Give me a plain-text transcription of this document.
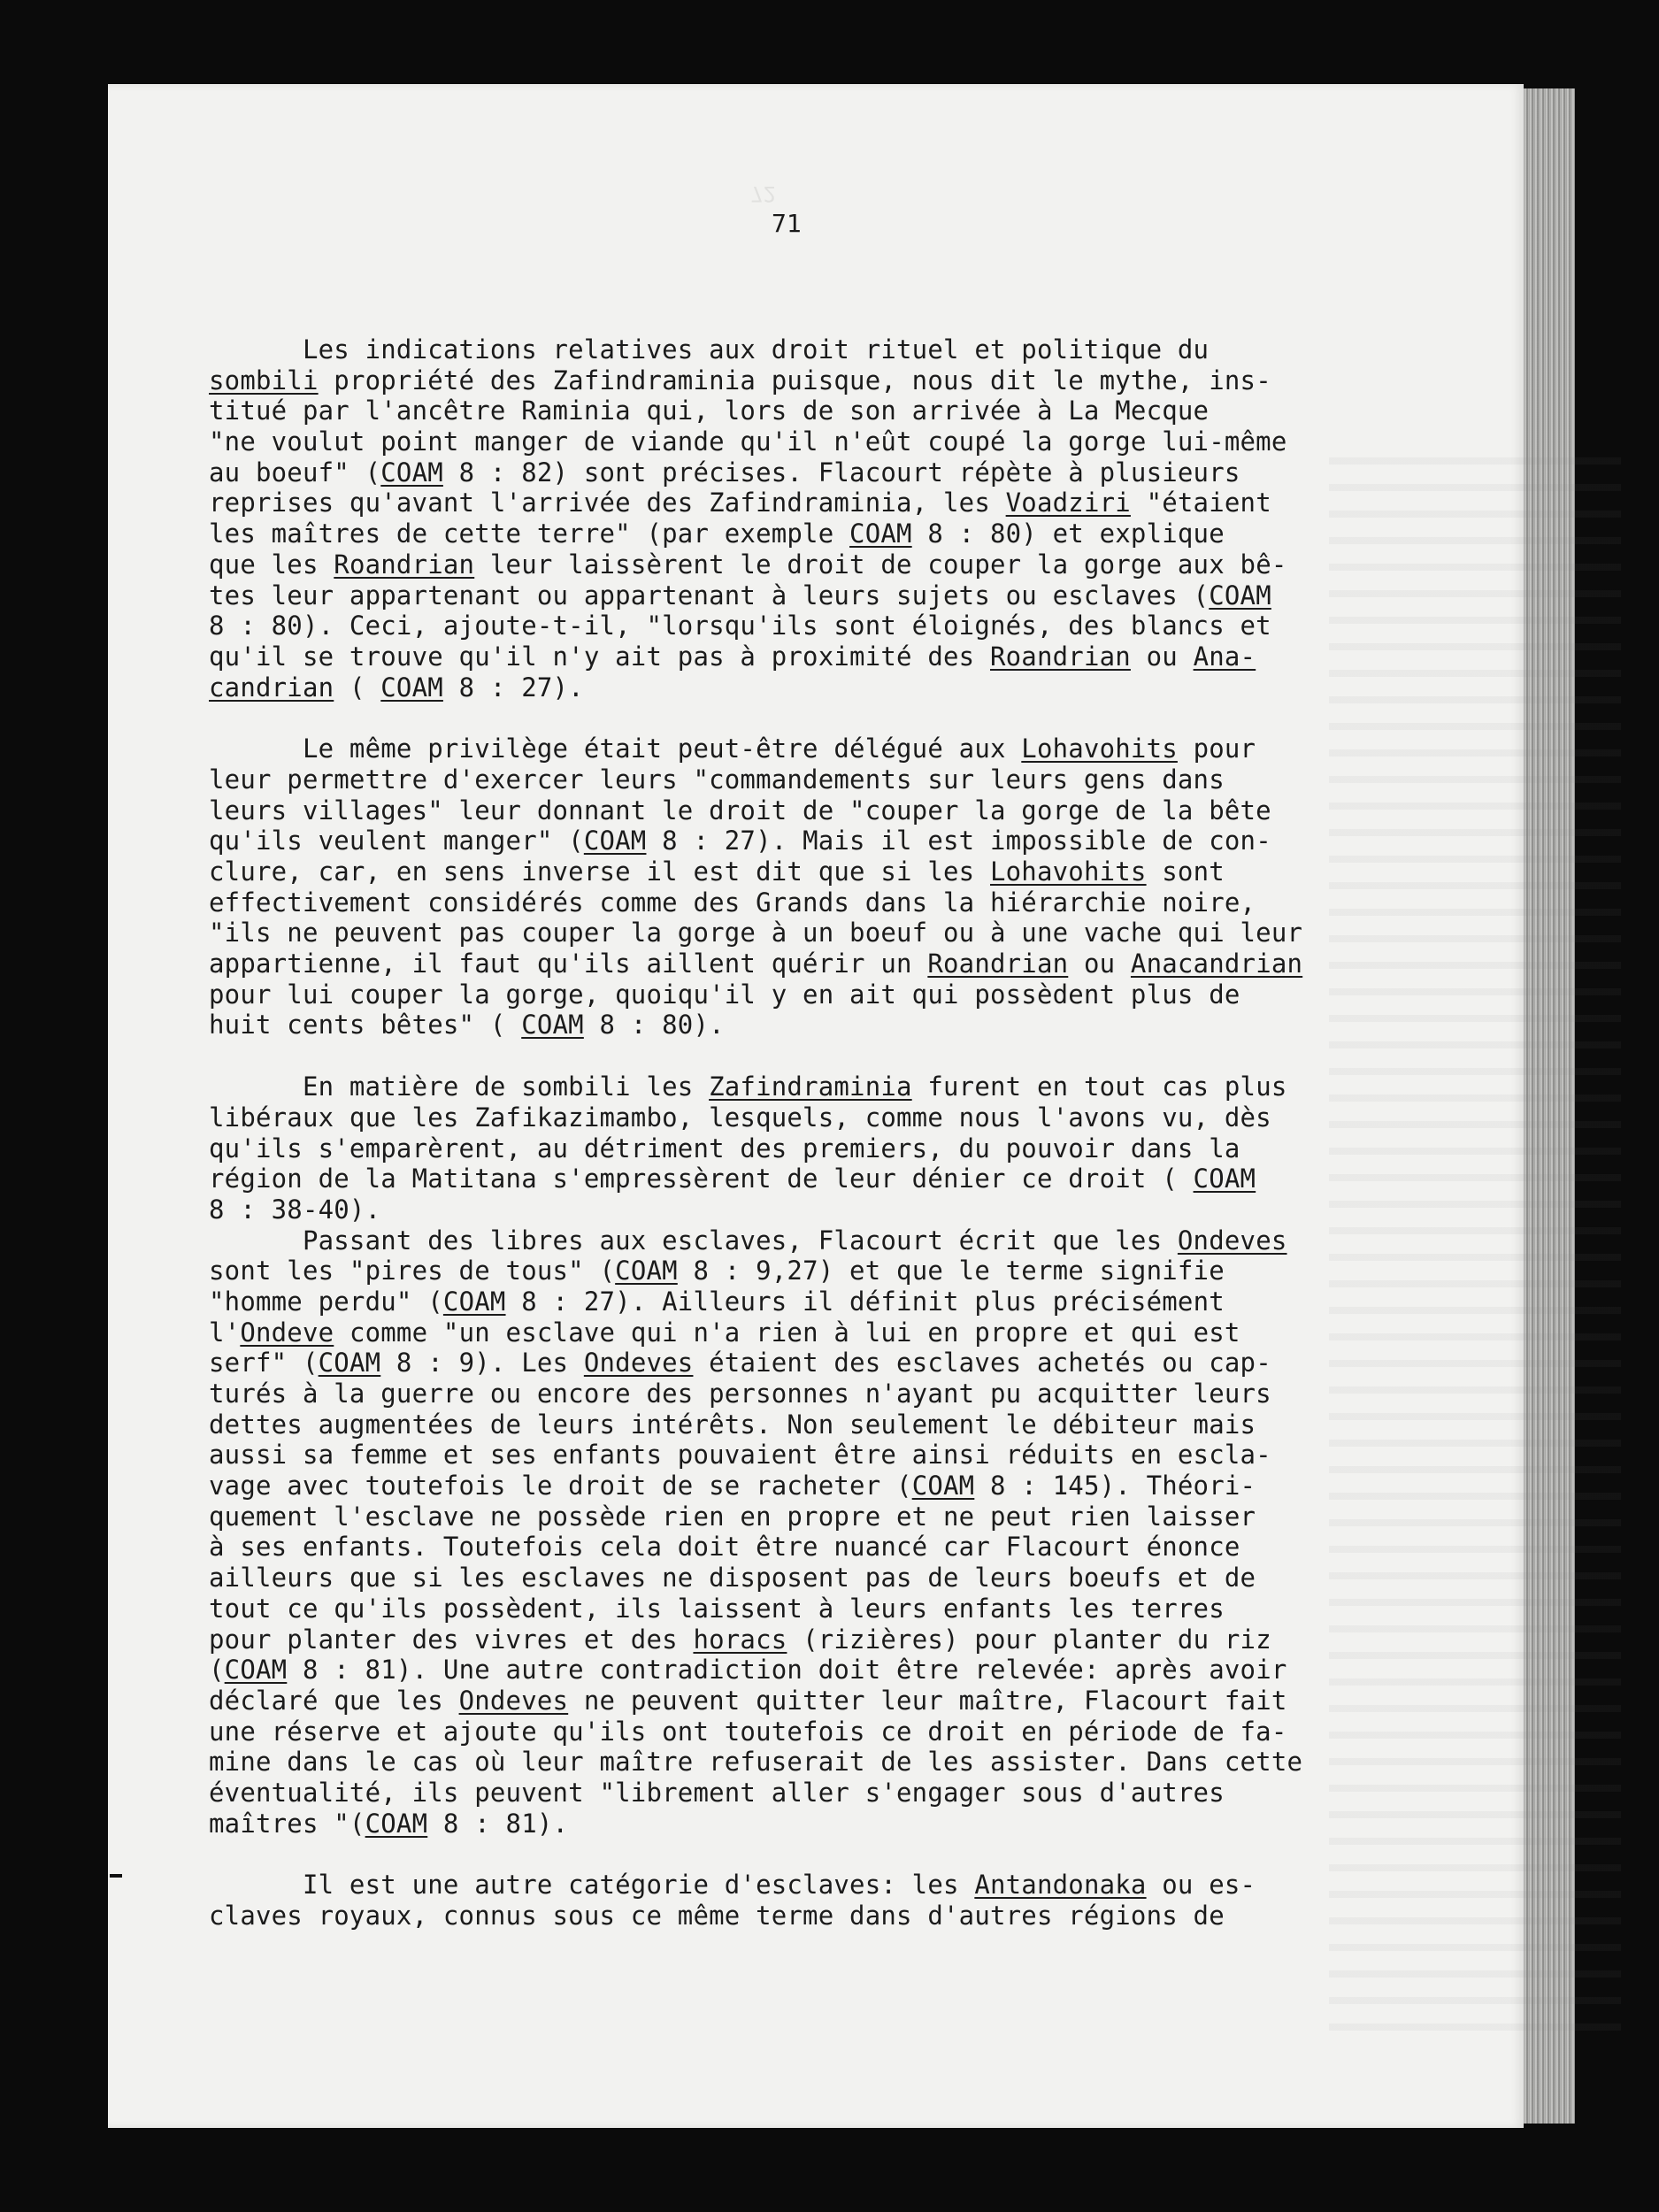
72
71
Les indications relatives aux droit rituel et politique du
sombili propriété des Zafindraminia puisque, nous dit le mythe, ins-
titué par l'ancêtre Raminia qui, lors de son arrivée à La Mecque
"ne voulut point manger de viande qu'il n'eût coupé la gorge lui-même
au boeuf" (COAM 8 : 82) sont précises. Flacourt répète à plusieurs
reprises qu'avant l'arrivée des Zafindraminia, les Voadziri "étaient
les maîtres de cette terre" (par exemple COAM 8 : 80) et explique
que les Roandrian leur laissèrent le droit de couper la gorge aux bê-
tes leur appartenant ou appartenant à leurs sujets ou esclaves (COAM
8 : 80). Ceci, ajoute-t-il, "lorsqu'ils sont éloignés, des blancs et
qu'il se trouve qu'il n'y ait pas à proximité des Roandrian ou Ana-
candrian ( COAM 8 : 27).
Le même privilège était peut-être délégué aux Lohavohits pour
leur permettre d'exercer leurs "commandements sur leurs gens dans
leurs villages" leur donnant le droit de "couper la gorge de la bête
qu'ils veulent manger" (COAM 8 : 27). Mais il est impossible de con-
clure, car, en sens inverse il est dit que si les Lohavohits sont
effectivement considérés comme des Grands dans la hiérarchie noire,
"ils ne peuvent pas couper la gorge à un boeuf ou à une vache qui leur
appartienne, il faut qu'ils aillent quérir un Roandrian ou Anacandrian
pour lui couper la gorge, quoiqu'il y en ait qui possèdent plus de
huit cents bêtes" ( COAM 8 : 80).
En matière de sombili les Zafindraminia furent en tout cas plus
libéraux que les Zafikazimambo, lesquels, comme nous l'avons vu, dès
qu'ils s'emparèrent, au détriment des premiers, du pouvoir dans la
région de la Matitana s'empressèrent de leur dénier ce droit ( COAM
8 : 38-40).
Passant des libres aux esclaves, Flacourt écrit que les Ondeves
sont les "pires de tous" (COAM 8 : 9,27) et que le terme signifie
"homme perdu" (COAM 8 : 27). Ailleurs il définit plus précisément
l'Ondeve comme "un esclave qui n'a rien à lui en propre et qui est
serf" (COAM 8 : 9). Les Ondeves étaient des esclaves achetés ou cap-
turés à la guerre ou encore des personnes n'ayant pu acquitter leurs
dettes augmentées de leurs intérêts. Non seulement le débiteur mais
aussi sa femme et ses enfants pouvaient être ainsi réduits en escla-
vage avec toutefois le droit de se racheter (COAM 8 : 145). Théori-
quement l'esclave ne possède rien en propre et ne peut rien laisser
à ses enfants. Toutefois cela doit être nuancé car Flacourt énonce
ailleurs que si les esclaves ne disposent pas de leurs boeufs et de
tout ce qu'ils possèdent, ils laissent à leurs enfants les terres
pour planter des vivres et des horacs (rizières) pour planter du riz
(COAM 8 : 81). Une autre contradiction doit être relevée: après avoir
déclaré que les Ondeves ne peuvent quitter leur maître, Flacourt fait
une réserve et ajoute qu'ils ont toutefois ce droit en période de fa-
mine dans le cas où leur maître refuserait de les assister. Dans cette
éventualité, ils peuvent "librement aller s'engager sous d'autres
maîtres "(COAM 8 : 81).
Il est une autre catégorie d'esclaves: les Antandonaka ou es-
claves royaux, connus sous ce même terme dans d'autres régions de
